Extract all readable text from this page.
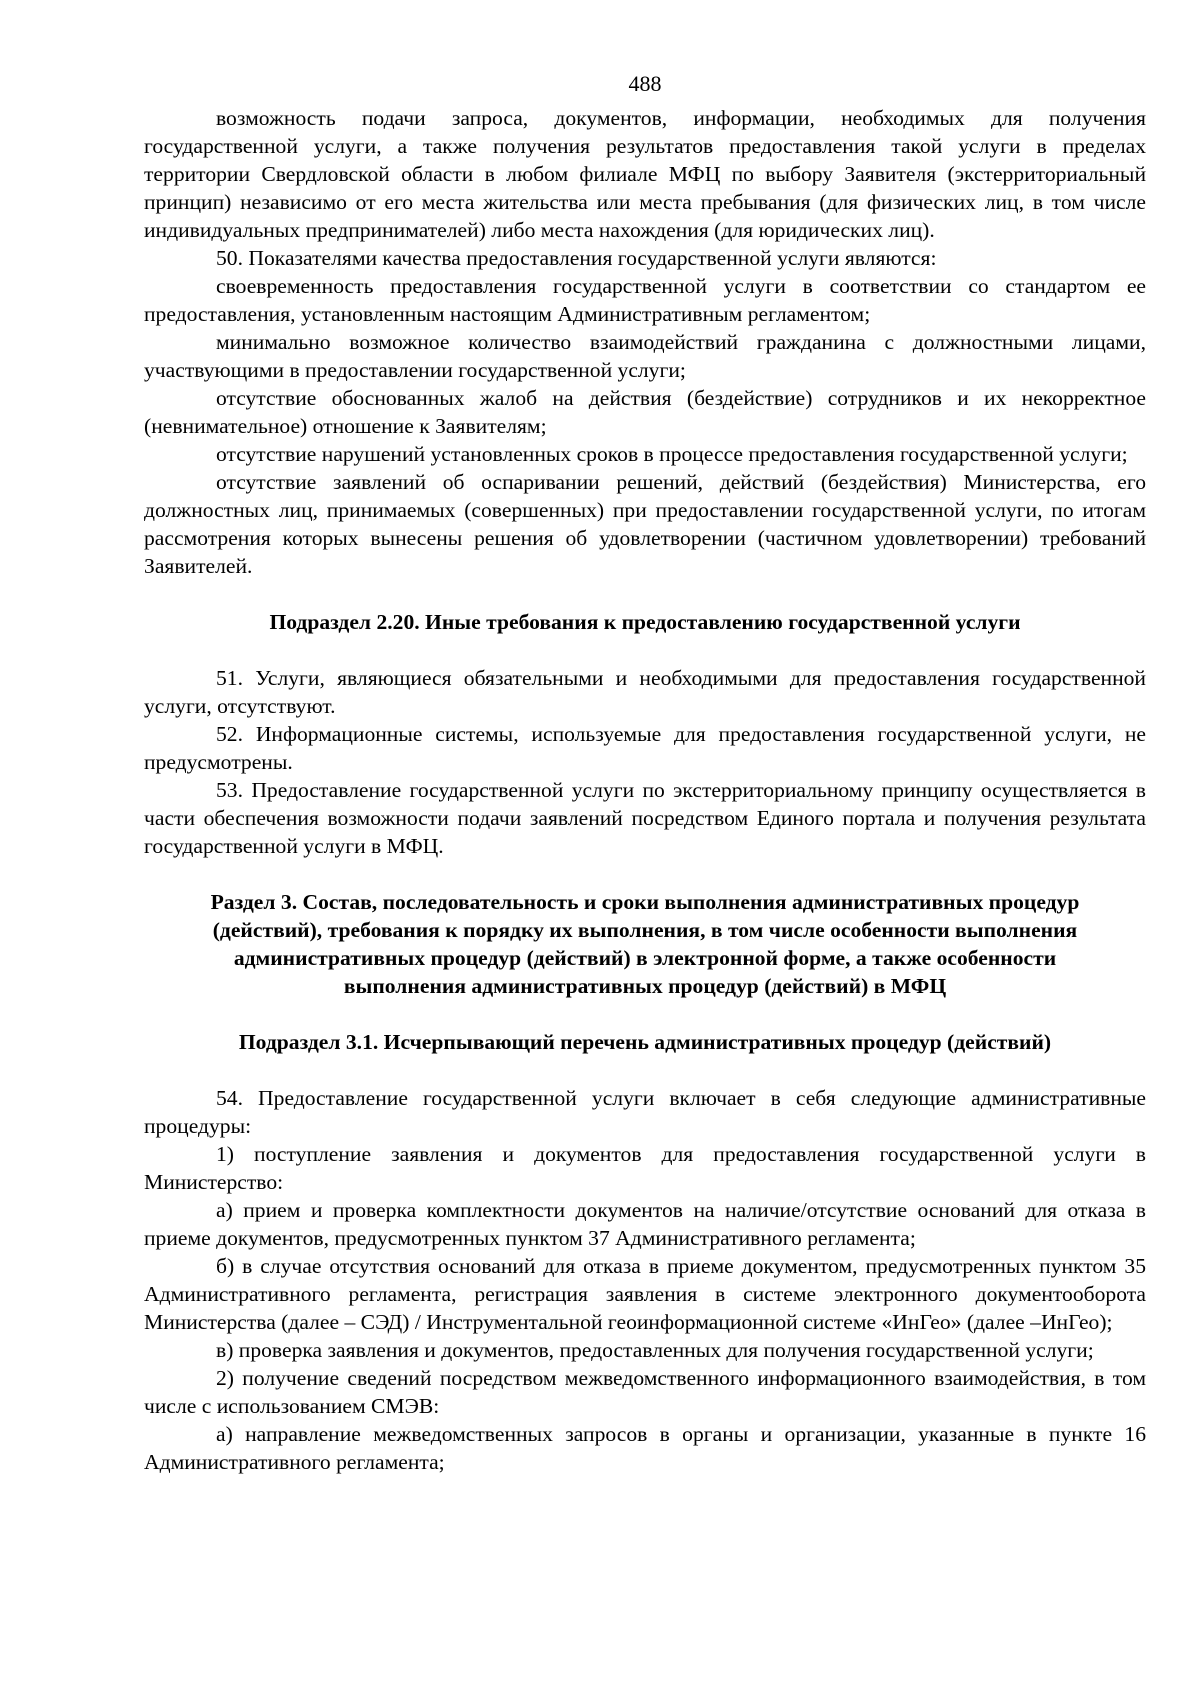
488

возможность подачи запроса, документов, информации, необходимых для получения государственной услуги, а также получения результатов предоставления такой услуги в пределах территории Свердловской области в любом филиале МФЦ по выбору Заявителя (экстерриториальный принцип) независимо от его места жительства или места пребывания (для физических лиц, в том числе индивидуальных предпринимателей) либо места нахождения (для юридических лиц).

50. Показателями качества предоставления государственной услуги являются:

своевременность предоставления государственной услуги в соответствии со стандартом ее предоставления, установленным настоящим Административным регламентом;

минимально возможное количество взаимодействий гражданина с должностными лицами, участвующими в предоставлении государственной услуги;

отсутствие обоснованных жалоб на действия (бездействие) сотрудников и их некорректное (невнимательное) отношение к Заявителям;

отсутствие нарушений установленных сроков в процессе предоставления государственной услуги;

отсутствие заявлений об оспаривании решений, действий (бездействия) Министерства, его должностных лиц, принимаемых (совершенных) при предоставлении государственной услуги, по итогам рассмотрения которых вынесены решения об удовлетворении (частичном удовлетворении) требований Заявителей.

Подраздел 2.20. Иные требования к предоставлению государственной услуги

51. Услуги, являющиеся обязательными и необходимыми для предоставления государственной услуги, отсутствуют.

52. Информационные системы, используемые для предоставления государственной услуги, не предусмотрены.

53. Предоставление государственной услуги по экстерриториальному принципу осуществляется в части обеспечения возможности подачи заявлений посредством Единого портала и получения результата государственной услуги в МФЦ.

Раздел 3. Состав, последовательность и сроки выполнения административных процедур
(действий), требования к порядку их выполнения, в том числе особенности выполнения
административных процедур (действий) в электронной форме, а также особенности
выполнения административных процедур (действий) в МФЦ
Подраздел 3.1. Исчерпывающий перечень административных процедур (действий)

54. Предоставление государственной услуги включает в себя следующие административные процедуры:

1) поступление заявления и документов для предоставления государственной услуги в Министерство:

а) прием и проверка комплектности документов на наличие/отсутствие оснований для отказа в приеме документов, предусмотренных пунктом 37 Административного регламента;

б) в случае отсутствия оснований для отказа в приеме документом, предусмотренных пунктом 35 Административного регламента, регистрация заявления в системе электронного документооборота Министерства (далее – СЭД) / Инструментальной геоинформационной системе «ИнГео» (далее –ИнГео);

в) проверка заявления и документов, предоставленных для получения государственной услуги;

2) получение сведений посредством межведомственного информационного взаимодействия, в том числе с использованием СМЭВ:

а) направление межведомственных запросов в органы и организации, указанные в пункте 16 Административного регламента;
